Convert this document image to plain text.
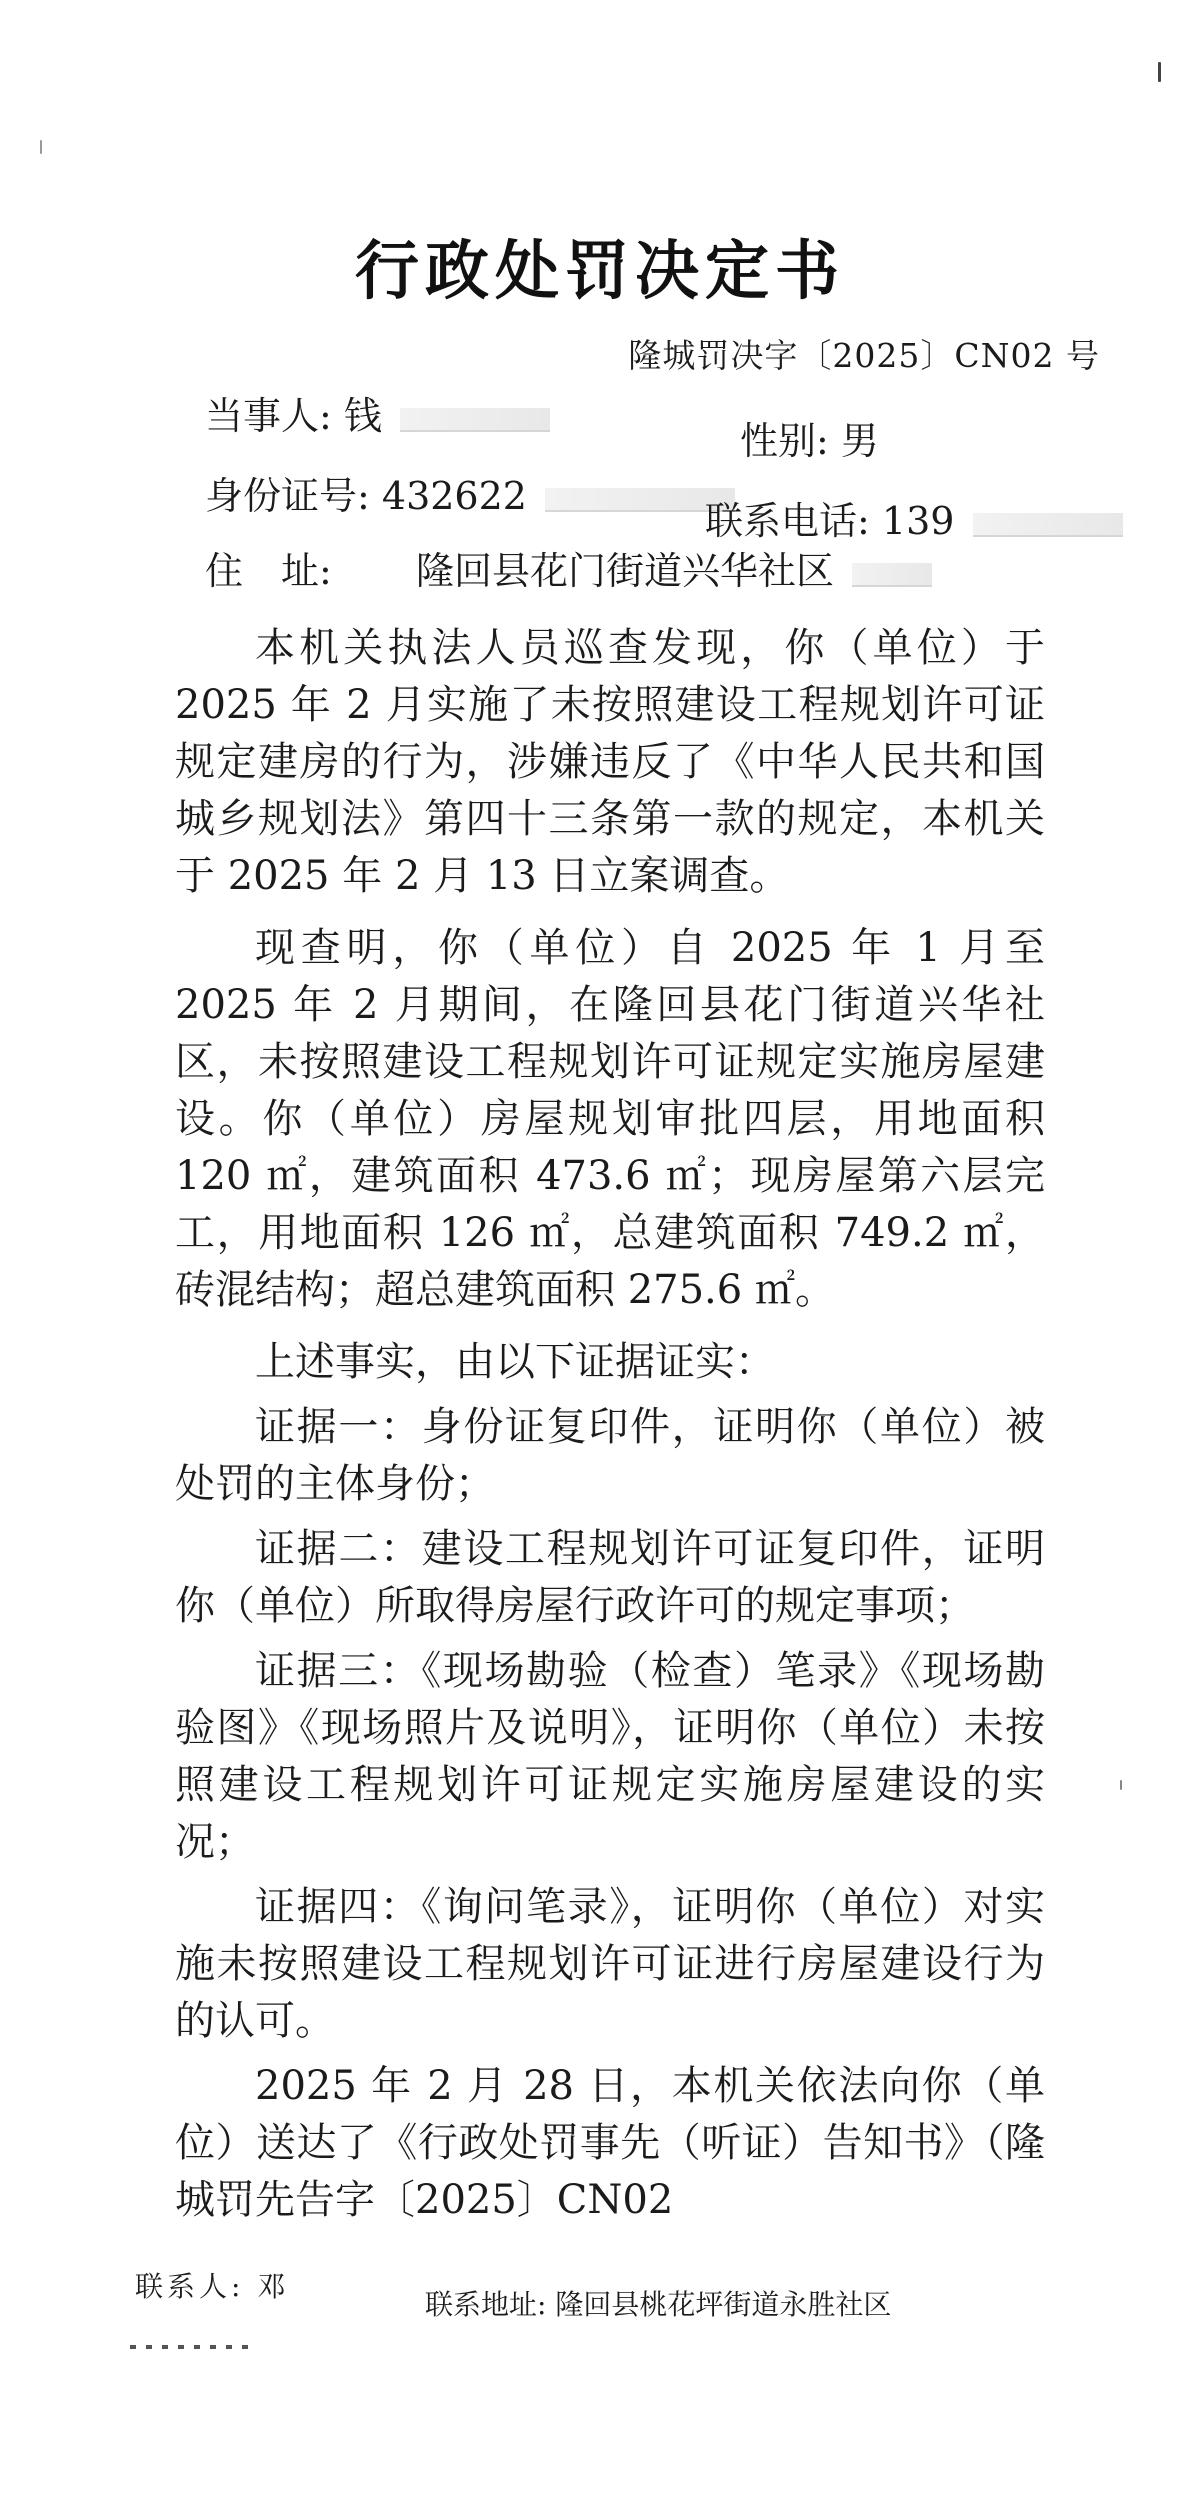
行政处罚决定书
隆城罚决字〔2025〕CN02 号
当事人: 钱
性别: 男
身份证号: 432622
联系电话: 139
住　址: 隆回县花门街道兴华社区

本机关执法人员巡查发现，你（单位）于 2025 年 2 月实施了未按照建设工程规划许可证规定建房的行为，涉嫌违反了《中华人民共和国城乡规划法》第四十三条第一款的规定，本机关于 2025 年 2 月 13 日立案调查。

现查明，你（单位）自 2025 年 1 月至 2025 年 2 月期间，在隆回县花门街道兴华社区，未按照建设工程规划许可证规定实施房屋建设。你（单位）房屋规划审批四层，用地面积 120 ㎡，建筑面积 473.6 ㎡；现房屋第六层完工，用地面积 126 ㎡，总建筑面积 749.2 ㎡，砖混结构；超总建筑面积 275.6 ㎡。

上述事实，由以下证据证实：

证据一：身份证复印件，证明你（单位）被处罚的主体身份；

证据二：建设工程规划许可证复印件，证明你（单位）所取得房屋行政许可的规定事项；

证据三：《现场勘验（检查）笔录》《现场勘验图》《现场照片及说明》，证明你（单位）未按照建设工程规划许可证规定实施房屋建设的实况；

证据四：《询问笔录》，证明你（单位）对实施未按照建设工程规划许可证进行房屋建设行为的认可。

2025 年 2 月 28 日，本机关依法向你（单位）送达了《行政处罚事先（听证）告知书》（隆城罚先告字〔2025〕CN02

联系人: 邓
联系地址: 隆回县桃花坪街道永胜社区
